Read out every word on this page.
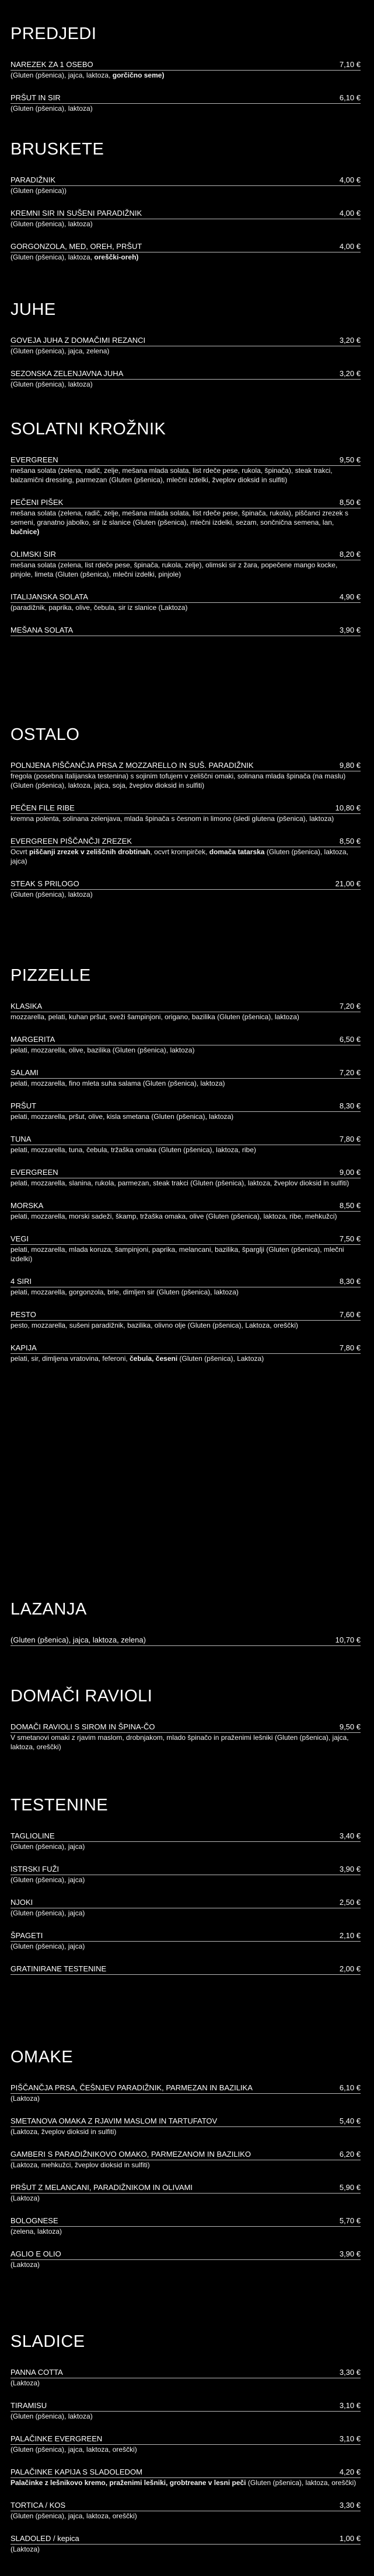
PREDJEDI
NAREZEK ZA 1 OSEBO	7,10 €
(Gluten (pšenica), jajca, laktoza, gorčično seme)
PRŠUT IN SIR	6,10 €
(Gluten (pšenica), laktoza)
BRUSKETE
PARADIŽNIK	4,00 €
(Gluten (pšenica))
KREMNI SIR IN SUŠENI PARADIŽNIK	4,00 €
(Gluten (pšenica), laktoza)
GORGONZOLA, MED, OREH, PRŠUT	4,00 €
(Gluten (pšenica), laktoza, oreščki-oreh)
JUHE
GOVEJA JUHA Z DOMAČIMI REZANCI	3,20 €
(Gluten (pšenica), jajca, zelena)
SEZONSKA ZELENJAVNA JUHA	3,20 €
(Gluten (pšenica), laktoza)
SOLATNI KROŽNIK
EVERGREEN	9,50 €
mešana solata (zelena, radič, zelje, mešana mlada solata, list rdeče pese, rukola, špinača), steak trakci, balzamični dressing, parmezan (Gluten (pšenica), mlečni izdelki, žveplov dioksid in sulfiti)
PEČENI PIŠEK	8,50 €
mešana solata (zelena, radič, zelje, mešana mlada solata, list rdeče pese, špinača, rukola), piščanci zrezek s semeni, granatno jabolko, sir iz slanice (Gluten (pšenica), mlečni izdelki, sezam, sončnična semena, lan, bučnice)
OLIMSKI SIR	8,20 €
mešana solata (zelena, list rdeče pese, špinača, rukola, zelje), olimski sir z žara, popečene mango kocke, pinjole, limeta (Gluten (pšenica), mlečni izdelki, pinjole)
ITALIJANSKA SOLATA	4,90 €
(paradižnik, paprika, olive, čebula, sir iz slanice (Laktoza)
MEŠANA SOLATA	3,90 €
OSTALO
POLNJENA PIŠČANČJA PRSA Z MOZZARELLO IN SUŠ. PARADIŽNIK	9,80 €
fregola (posebna italijanska testenina) s sojinim tofujem v zeliščni omaki, solinana mlada špinača (na maslu) (Gluten (pšenica), laktoza, jajca, soja, žveplov dioksid in sulfiti)
PEČEN FILE RIBE	10,80 €
kremna polenta, solinana zelenjava, mlada špinača s česnom in limono (sledi glutena (pšenica), laktoza)
EVERGREEN PIŠČANČJI ZREZEK	8,50 €
Ocvrt piščanji zrezek v zeliščnih drobtinah, ocvrt krompirček, domača tatarska (Gluten (pšenica), laktoza, jajca)
STEAK S PRILOGO	21,00 €
(Gluten (pšenica), laktoza)
PIZZELLE
KLASIKA	7,20 €
mozzarella, pelati, kuhan pršut, sveži šampinjoni, origano, bazilika (Gluten (pšenica), laktoza)
MARGERITA	6,50 €
pelati, mozzarella, olive, bazilika (Gluten (pšenica), laktoza)
SALAMI	7,20 €
pelati, mozzarella, fino mleta suha salama (Gluten (pšenica), laktoza)
PRŠUT	8,30 €
pelati, mozzarella, pršut, olive, kisla smetana (Gluten (pšenica), laktoza)
TUNA	7,80 €
pelati, mozzarella, tuna, čebula, tržaška omaka (Gluten (pšenica), laktoza, ribe)
EVERGREEN	9,00 €
pelati, mozzarella, slanina, rukola, parmezan, steak trakci (Gluten (pšenica), laktoza, žveplov dioksid in sulfiti)
MORSKA	8,50 €
pelati, mozzarella, morski sadeži, škamp, tržaška omaka, olive (Gluten (pšenica), laktoza, ribe, mehkužci)
VEGI	7,50 €
pelati, mozzarella, mlada koruza, šampinjoni, paprika, melancani, bazilika, šparglji (Gluten (pšenica), mlečni izdelki)
4 SIRI	8,30 €
pelati, mozzarella, gorgonzola, brie, dimljen sir (Gluten (pšenica), laktoza)
PESTO	7,60 €
pesto, mozzarella, sušeni paradižnik, bazilika, olivno olje (Gluten (pšenica), Laktoza, oreščki)
KAPIJA	7,80 €
pelati, sir, dimljena vratovina, feferoni, čebula, česeni (Gluten (pšenica), Laktoza)
LAZANJA
(Gluten (pšenica), jajca, laktoza, zelena)	10,70 €
DOMAČI RAVIOLI
DOMAČI RAVIOLI S SIROM IN ŠPINA-ČO	9,50 €
V smetanovi omaki z rjavim maslom, drobnjakom, mlado špinačo in praženimi lešniki (Gluten (pšenica), jajca, laktoza, oreščki)
TESTENINE
TAGLIOLINE	3,40 €
(Gluten (pšenica), jajca)
ISTRSKI FUŽI	3,90 €
(Gluten (pšenica), jajca)
NJOKI	2,50 €
(Gluten (pšenica), jajca)
ŠPAGETI	2,10 €
(Gluten (pšenica), jajca)
GRATINIRANE TESTENINE	2,00 €
OMAKE
PIŠČANČJA PRSA, ČEŠNJEV PARADIŽNIK, PARMEZAN IN BAZILIKA	6,10 €
(Laktoza)
SMETANOVA OMAKA Z RJAVIM MASLOM IN TARTUFATOV	5,40 €
(Laktoza, žveplov dioksid in sulfiti)
GAMBERI S PARADIŽNIKOVO OMAKO, PARMEZANOM IN BAZILIKO	6,20 €
(Laktoza, mehkužci, žveplov dioksid in sulfiti)
PRŠUT Z MELANCANI, PARADIŽNIKOM IN OLIVAMI	5,90 €
(Laktoza)
BOLOGNESE	5,70 €
(zelena, laktoza)
AGLIO E OLIO	3,90 €
(Laktoza)
SLADICE
PANNA COTTA	3,30 €
(Laktoza)
TIRAMISU	3,10 €
(Gluten (pšenica), laktoza)
PALAČINKE EVERGREEN	3,10 €
(Gluten (pšenica), jajca, laktoza, oreščki)
PALAČINKE KAPIJA S SLADOLEDOM	4,20 €
Palačinke z lešnikovo kremo, praženimi lešniki, grobtreane v lesni peči (Gluten (pšenica), laktoza, oreščki)
TORTICA / KOS	3,30 €
(Gluten (pšenica), jajca, laktoza, oreščki)
SLADOLED / kepica	1,00 €
(Laktoza)
